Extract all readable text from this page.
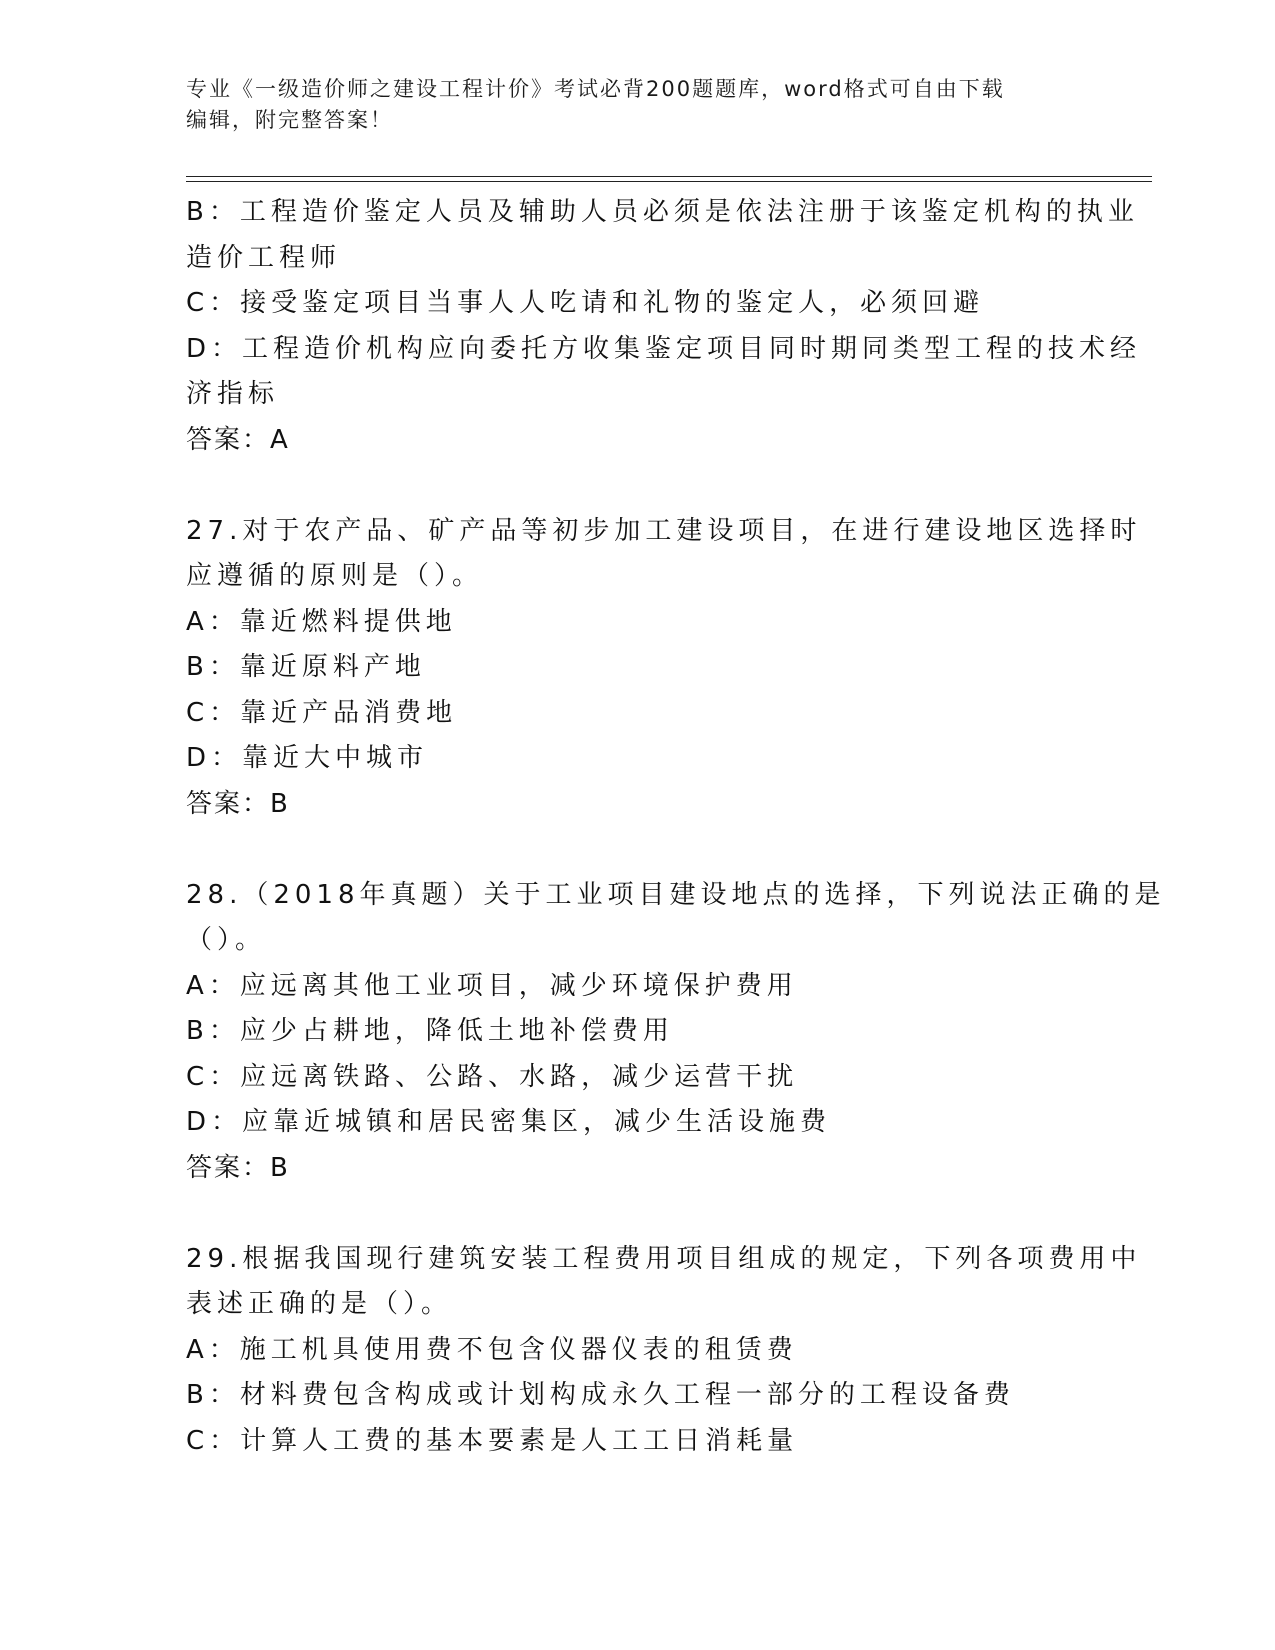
专业《一级造价师之建设工程计价》考试必背200题题库，word格式可自由下载
编辑，附完整答案！
B：工程造价鉴定人员及辅助人员必须是依法注册于该鉴定机构的执业
造价工程师
C：接受鉴定项目当事人人吃请和礼物的鉴定人，必须回避
D：工程造价机构应向委托方收集鉴定项目同时期同类型工程的技术经
济指标
答案：A
27.对于农产品、矿产品等初步加工建设项目，在进行建设地区选择时
应遵循的原则是（）。
A：靠近燃料提供地
B：靠近原料产地
C：靠近产品消费地
D：靠近大中城市
答案：B
28.（2018年真题）关于工业项目建设地点的选择，下列说法正确的是
（）。
A：应远离其他工业项目，减少环境保护费用
B：应少占耕地，降低土地补偿费用
C：应远离铁路、公路、水路，减少运营干扰
D：应靠近城镇和居民密集区，减少生活设施费
答案：B
29.根据我国现行建筑安装工程费用项目组成的规定，下列各项费用中
表述正确的是（）。
A：施工机具使用费不包含仪器仪表的租赁费
B：材料费包含构成或计划构成永久工程一部分的工程设备费
C：计算人工费的基本要素是人工工日消耗量
